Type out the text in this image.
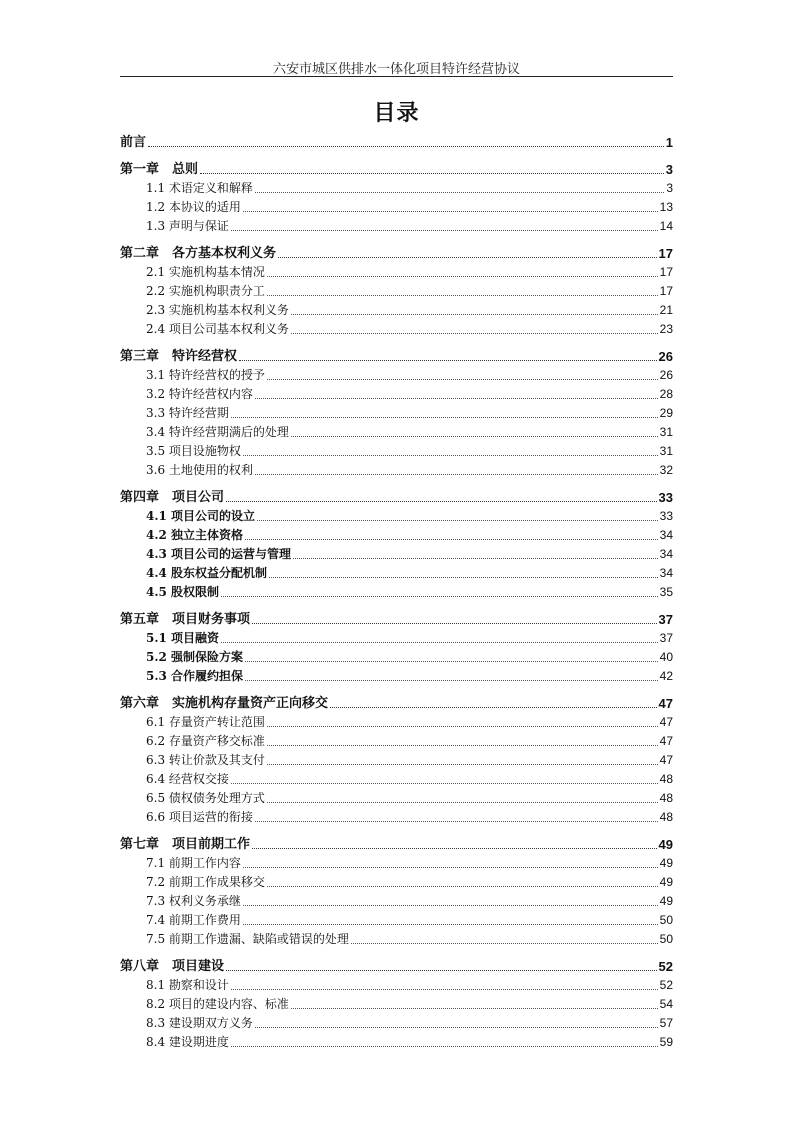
六安市城区供排水一体化项目特许经营协议
目录
前言	1
第一章 总则	3
1.1 术语定义和解释	3
1.2 本协议的适用	13
1.3 声明与保证	14
第二章 各方基本权利义务	17
2.1 实施机构基本情况	17
2.2 实施机构职责分工	17
2.3 实施机构基本权利义务	21
2.4 项目公司基本权利义务	23
第三章 特许经营权	26
3.1 特许经营权的授予	26
3.2 特许经营权内容	28
3.3 特许经营期	29
3.4 特许经营期满后的处理	31
3.5 项目设施物权	31
3.6 土地使用的权利	32
第四章 项目公司	33
4.1 项目公司的设立	33
4.2 独立主体资格	34
4.3 项目公司的运营与管理	34
4.4 股东权益分配机制	34
4.5 股权限制	35
第五章 项目财务事项	37
5.1 项目融资	37
5.2 强制保险方案	40
5.3 合作履约担保	42
第六章 实施机构存量资产正向移交	47
6.1 存量资产转让范围	47
6.2 存量资产移交标准	47
6.3 转让价款及其支付	47
6.4 经营权交接	48
6.5 债权债务处理方式	48
6.6 项目运营的衔接	48
第七章 项目前期工作	49
7.1 前期工作内容	49
7.2 前期工作成果移交	49
7.3 权利义务承继	49
7.4 前期工作费用	50
7.5 前期工作遗漏、缺陷或错误的处理	50
第八章 项目建设	52
8.1 勘察和设计	52
8.2 项目的建设内容、标准	54
8.3 建设期双方义务	57
8.4 建设期进度	59
